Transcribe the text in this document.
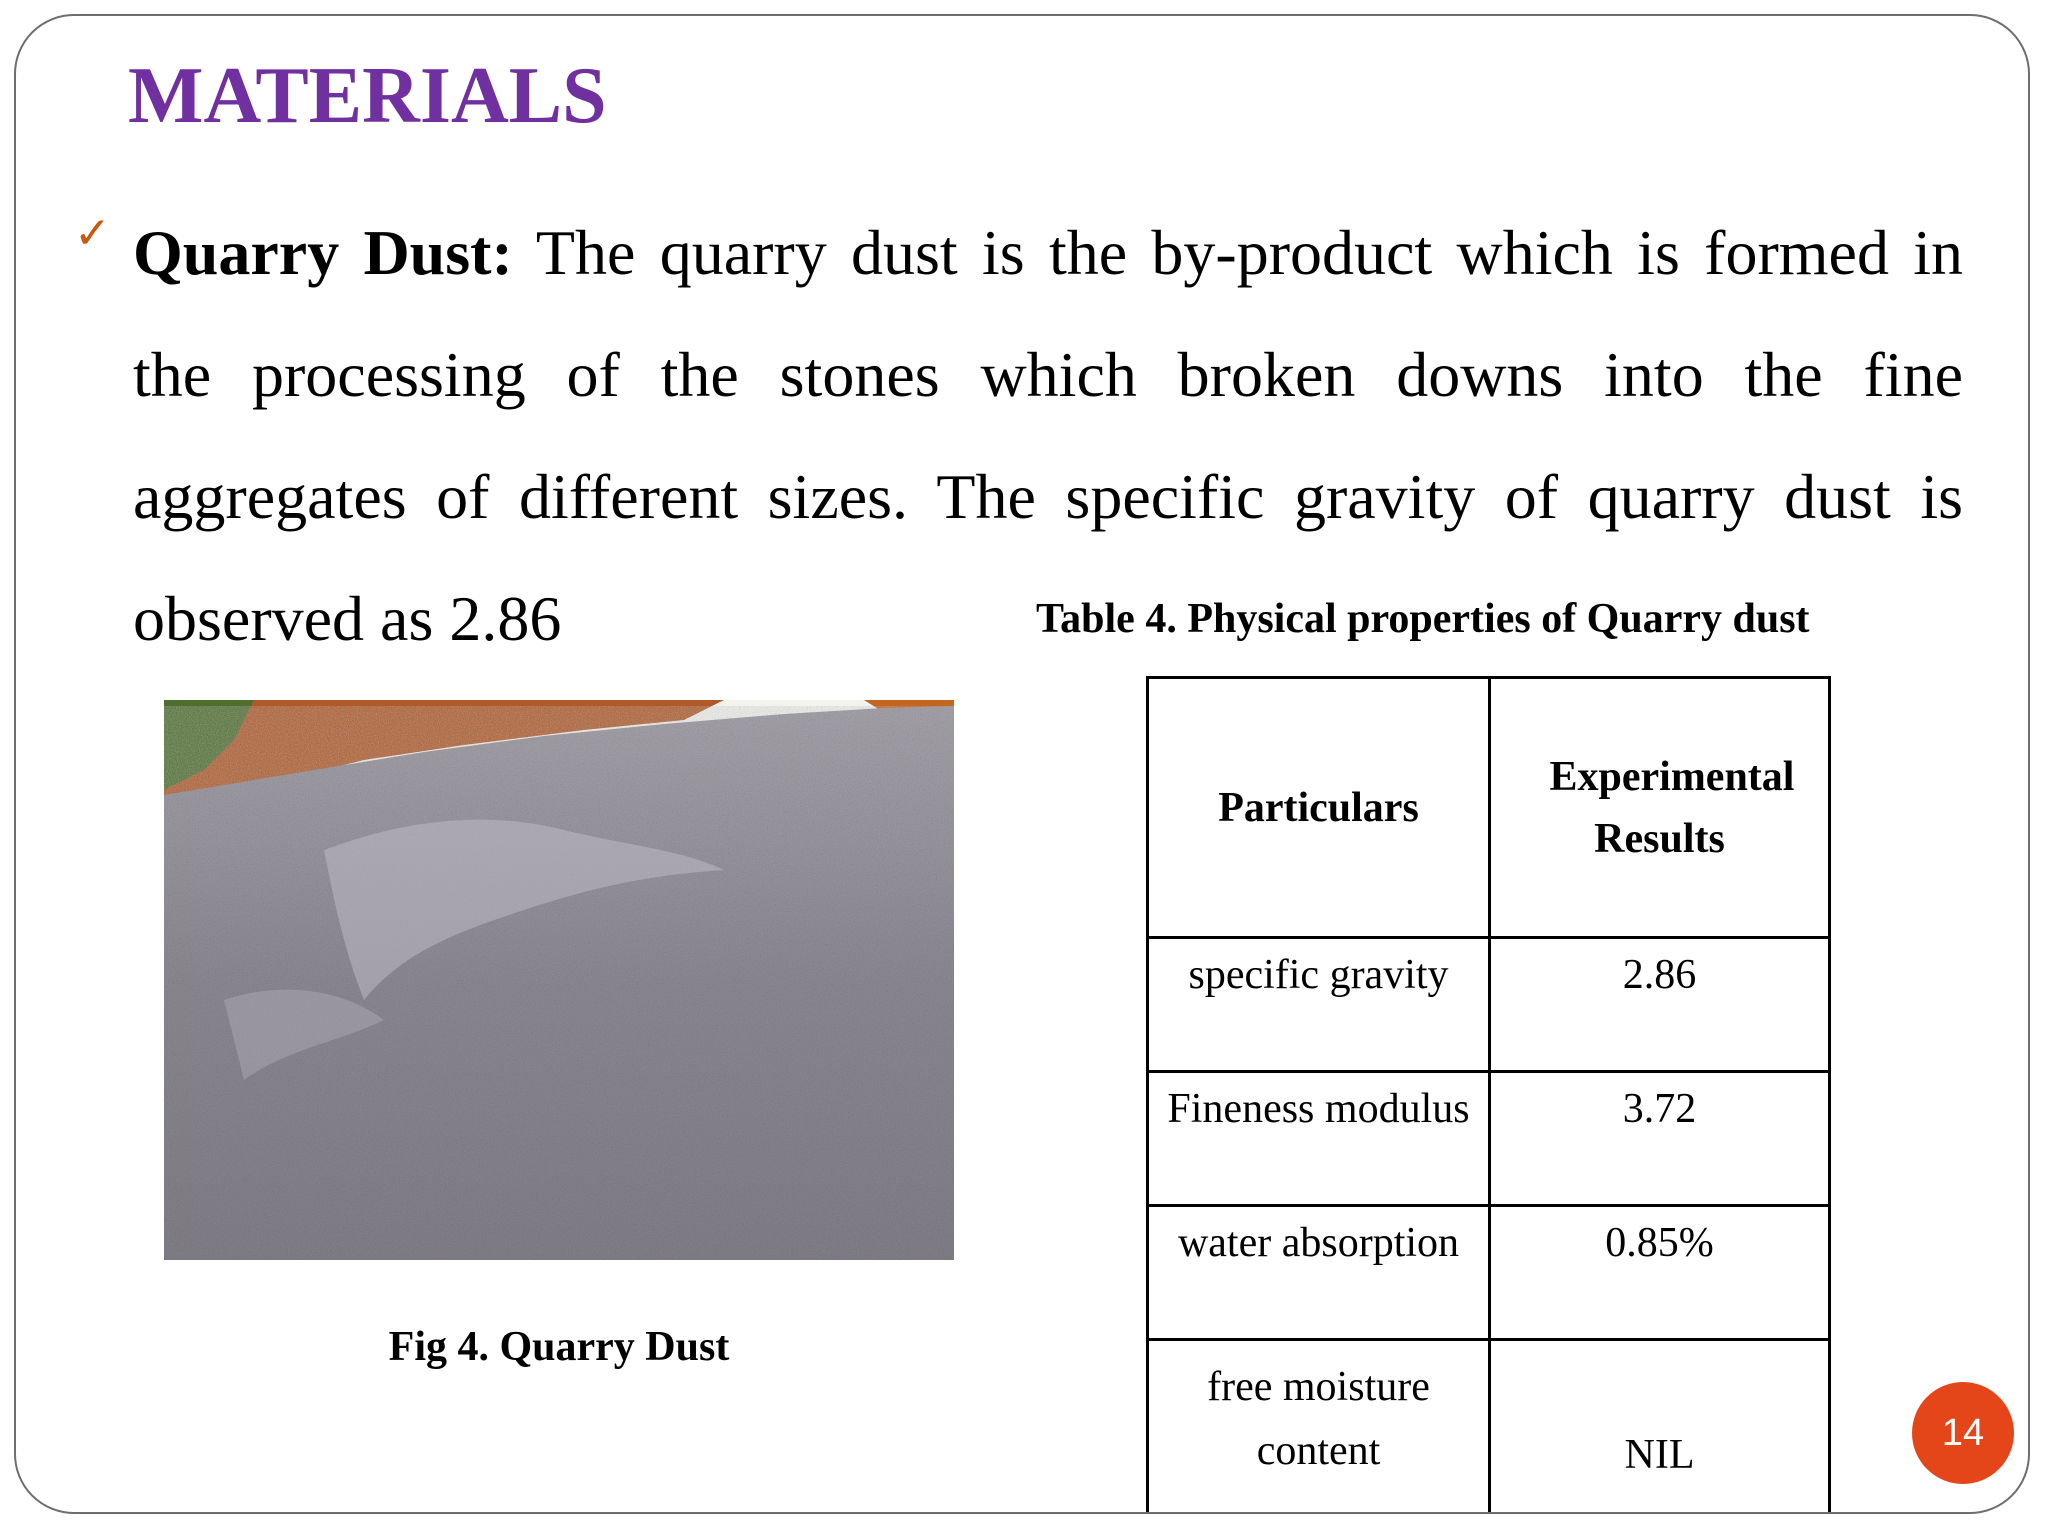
MATERIALS
✓ Quarry Dust: The quarry dust is the by-product which is formed in the processing of the stones which broken downs into the fine aggregates of different sizes. The specific gravity of quarry dust is observed as 2.86	Table 4. Physical properties of Quarry dust
Fig 4. Quarry Dust
Particulars	Experimental Results

specific gravity	2.86
Fineness modulus	3.72
water absorption	0.85%

free moisture content	NIL	14
